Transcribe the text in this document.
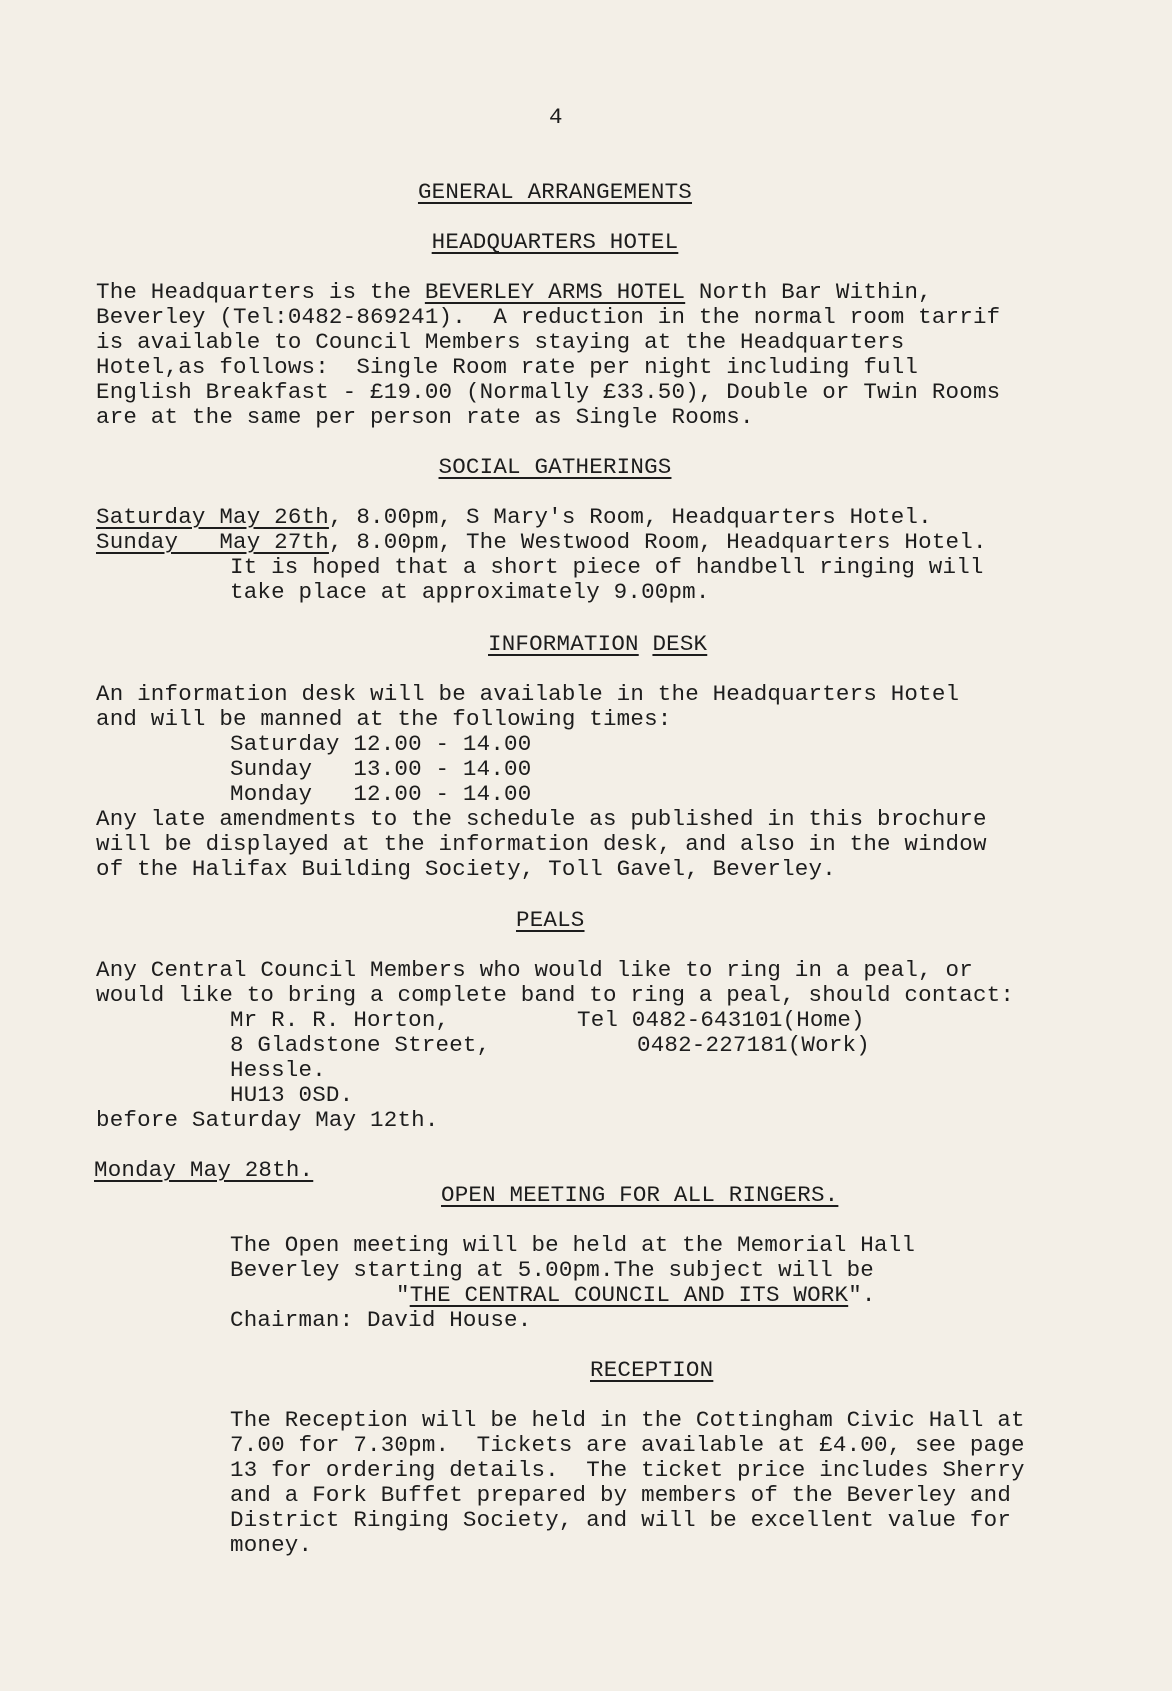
4
GENERAL ARRANGEMENTS
HEADQUARTERS HOTEL
The Headquarters is the BEVERLEY ARMS HOTEL North Bar Within,
Beverley (Tel:0482-869241).  A reduction in the normal room tarrif
is available to Council Members staying at the Headquarters
Hotel,as follows:  Single Room rate per night including full
English Breakfast - £19.00 (Normally £33.50), Double or Twin Rooms
are at the same per person rate as Single Rooms.
SOCIAL GATHERINGS
Saturday May 26th, 8.00pm, S Mary's Room, Headquarters Hotel.
Sunday   May 27th, 8.00pm, The Westwood Room, Headquarters Hotel.
It is hoped that a short piece of handbell ringing will
take place at approximately 9.00pm.
INFORMATION DESK
An information desk will be available in the Headquarters Hotel
and will be manned at the following times:
Saturday 12.00 - 14.00
Sunday   13.00 - 14.00
Monday   12.00 - 14.00
Any late amendments to the schedule as published in this brochure
will be displayed at the information desk, and also in the window
of the Halifax Building Society, Toll Gavel, Beverley.
PEALS
Any Central Council Members who would like to ring in a peal, or
would like to bring a complete band to ring a peal, should contact:
Mr R. R. Horton,	Tel 0482-643101(Home)
8 Gladstone Street,	0482-227181(Work)
Hessle.
HU13 0SD.
before Saturday May 12th.
Monday May 28th.
OPEN MEETING FOR ALL RINGERS.
The Open meeting will be held at the Memorial Hall
Beverley starting at 5.00pm.The subject will be
"THE CENTRAL COUNCIL AND ITS WORK".
Chairman: David House.
RECEPTION
The Reception will be held in the Cottingham Civic Hall at
7.00 for 7.30pm.  Tickets are available at £4.00, see page
13 for ordering details.  The ticket price includes Sherry
and a Fork Buffet prepared by members of the Beverley and
District Ringing Society, and will be excellent value for
money.
